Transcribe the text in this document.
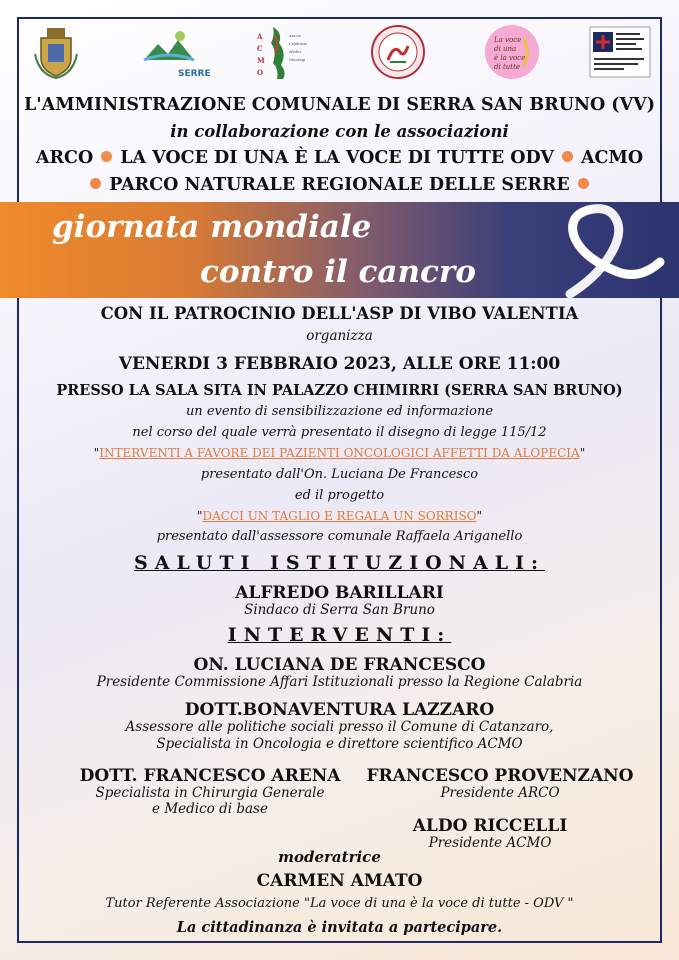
SERRE
A
C
M
O
Ass.ne
Calabrese
Medici
Oncologi
La voce
di una
è la voce
di tutte
L'AMMINISTRAZIONE COMUNALE DI SERRA SAN BRUNO (VV)
in collaborazione con le associazioni
ARCO LA VOCE DI UNA È LA VOCE DI TUTTE ODV ACMO
PARCO NATURALE REGIONALE DELLE SERRE
giornata mondiale
contro il cancro
CON IL PATROCINIO DELL'ASP DI VIBO VALENTIA
organizza
VENERDI 3 FEBBRAIO 2023, ALLE ORE 11:00
PRESSO LA SALA SITA IN PALAZZO CHIMIRRI (SERRA SAN BRUNO)
un evento di sensibilizzazione ed informazione
nel corso del quale verrà presentato il disegno di legge 115/12
"INTERVENTI A FAVORE DEI PAZIENTI ONCOLOGICI AFFETTI DA ALOPECIA"
presentato dall'On. Luciana De Francesco
ed il progetto
"DACCI UN TAGLIO E REGALA UN SORRISO"
presentato dall'assessore comunale Raffaela Ariganello
SALUTI ISTITUZIONALI:
ALFREDO BARILLARI
Sindaco di Serra San Bruno
INTERVENTI:
ON. LUCIANA DE FRANCESCO
Presidente Commissione Affari Istituzionali presso la Regione Calabria
DOTT.BONAVENTURA LAZZARO
Assessore alle politiche sociali presso il Comune di Catanzaro,
Specialista in Oncologia e direttore scientifico ACMO
DOTT. FRANCESCO ARENA
Specialista in Chirurgia Generale
e Medico di base
FRANCESCO PROVENZANO
Presidente ARCO
ALDO RICCELLI
Presidente ACMO
moderatrice
CARMEN AMATO
Tutor Referente Associazione "La voce di una è la voce di tutte - ODV "
La cittadinanza è invitata a partecipare.
